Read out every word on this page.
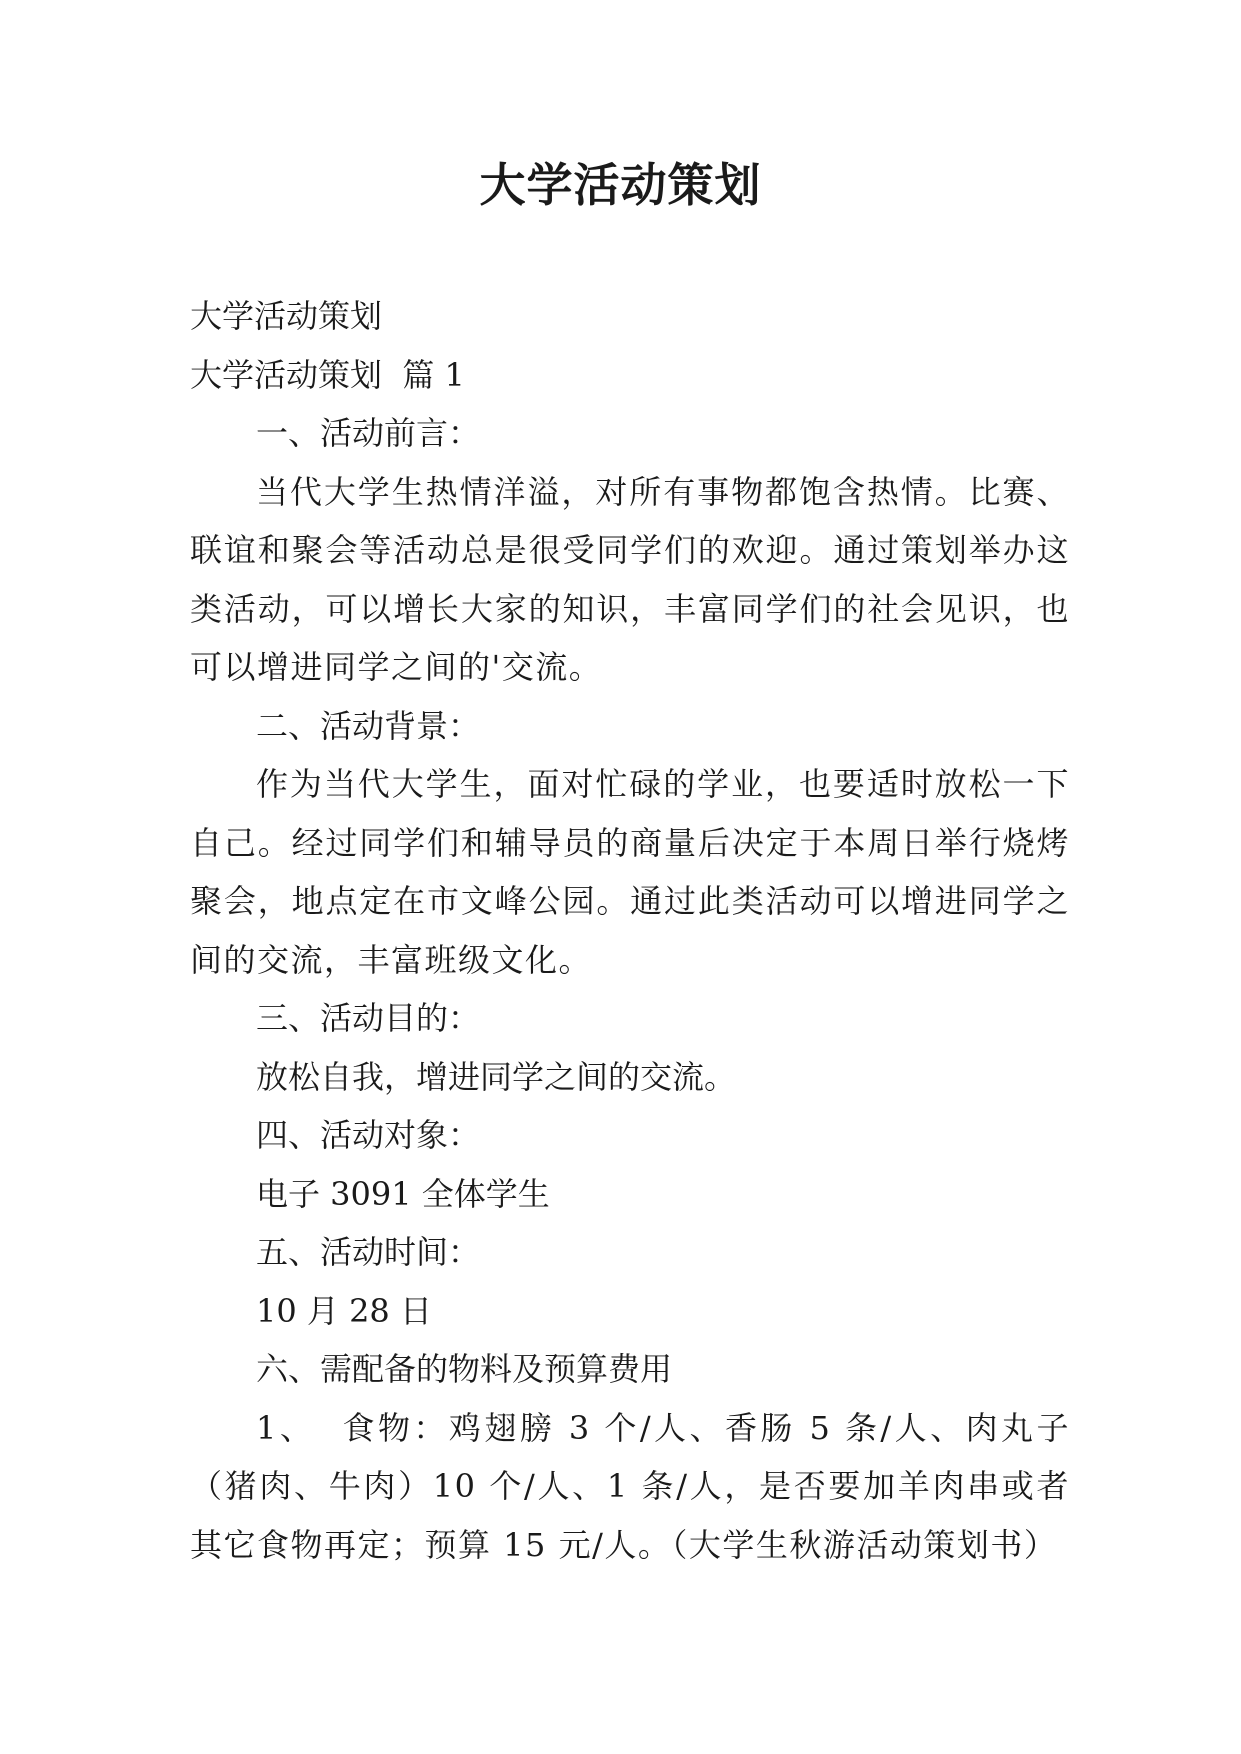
大学活动策划

大学活动策划

大学活动策划  篇 1

一、活动前言：

当代大学生热情洋溢，对所有事物都饱含热情。比赛、联谊和聚会等活动总是很受同学们的欢迎。通过策划举办这类活动，可以增长大家的知识，丰富同学们的社会见识，也可以增进同学之间的'交流。

二、活动背景：

作为当代大学生，面对忙碌的学业，也要适时放松一下自己。经过同学们和辅导员的商量后决定于本周日举行烧烤聚会，地点定在市文峰公园。通过此类活动可以增进同学之间的交流，丰富班级文化。

三、活动目的：

放松自我，增进同学之间的交流。

四、活动对象：

电子 3091 全体学生

五、活动时间：

10 月 28 日

六、需配备的物料及预算费用

1、  食物：鸡翅膀 3 个/人、香肠 5 条/人、肉丸子（猪肉、牛肉）10 个/人、1 条/人，是否要加羊肉串或者其它食物再定；预算 15 元/人。（大学生秋游活动策划书）
